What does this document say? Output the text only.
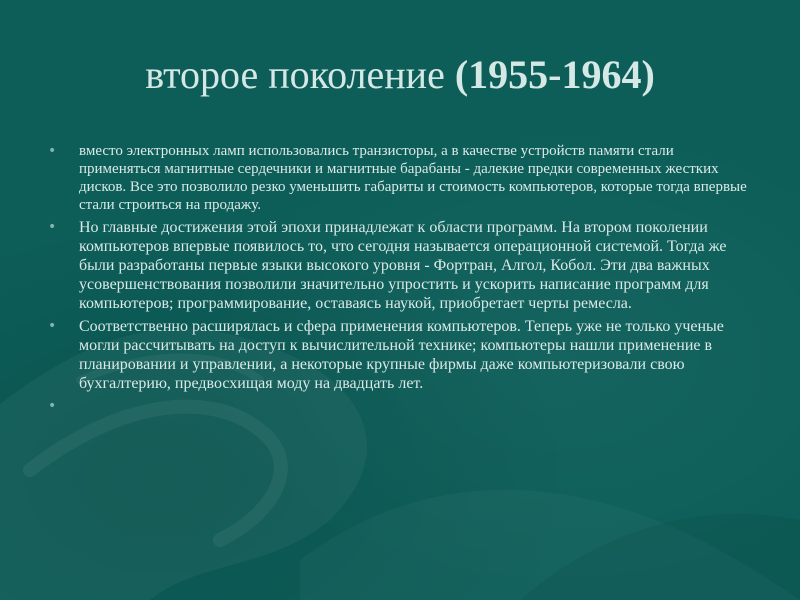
второе поколение (1955-1964)
• вместо электронных ламп использовались транзисторы, а в качестве устройств памяти стали применяться магнитные сердечники и магнитные барабаны - далекие предки современных жестких дисков. Все это позволило резко уменьшить габариты и стоимость компьютеров, которые тогда впервые стали строиться на продажу.
• Но главные достижения этой эпохи принадлежат к области программ. На втором поколении компьютеров впервые появилось то, что сегодня называется операционной системой. Тогда же были разработаны первые языки высокого уровня - Фортран, Алгол, Кобол. Эти два важных усовершенствования позволили значительно упростить и ускорить написание программ для компьютеров; программирование, оставаясь наукой, приобретает черты ремесла.
• Соответственно расширялась и сфера применения компьютеров. Теперь уже не только ученые могли рассчитывать на доступ к вычислительной технике; компьютеры нашли применение в планировании и управлении, а некоторые крупные фирмы даже компьютеризовали свою бухгалтерию, предвосхищая моду на двадцать лет.
•
